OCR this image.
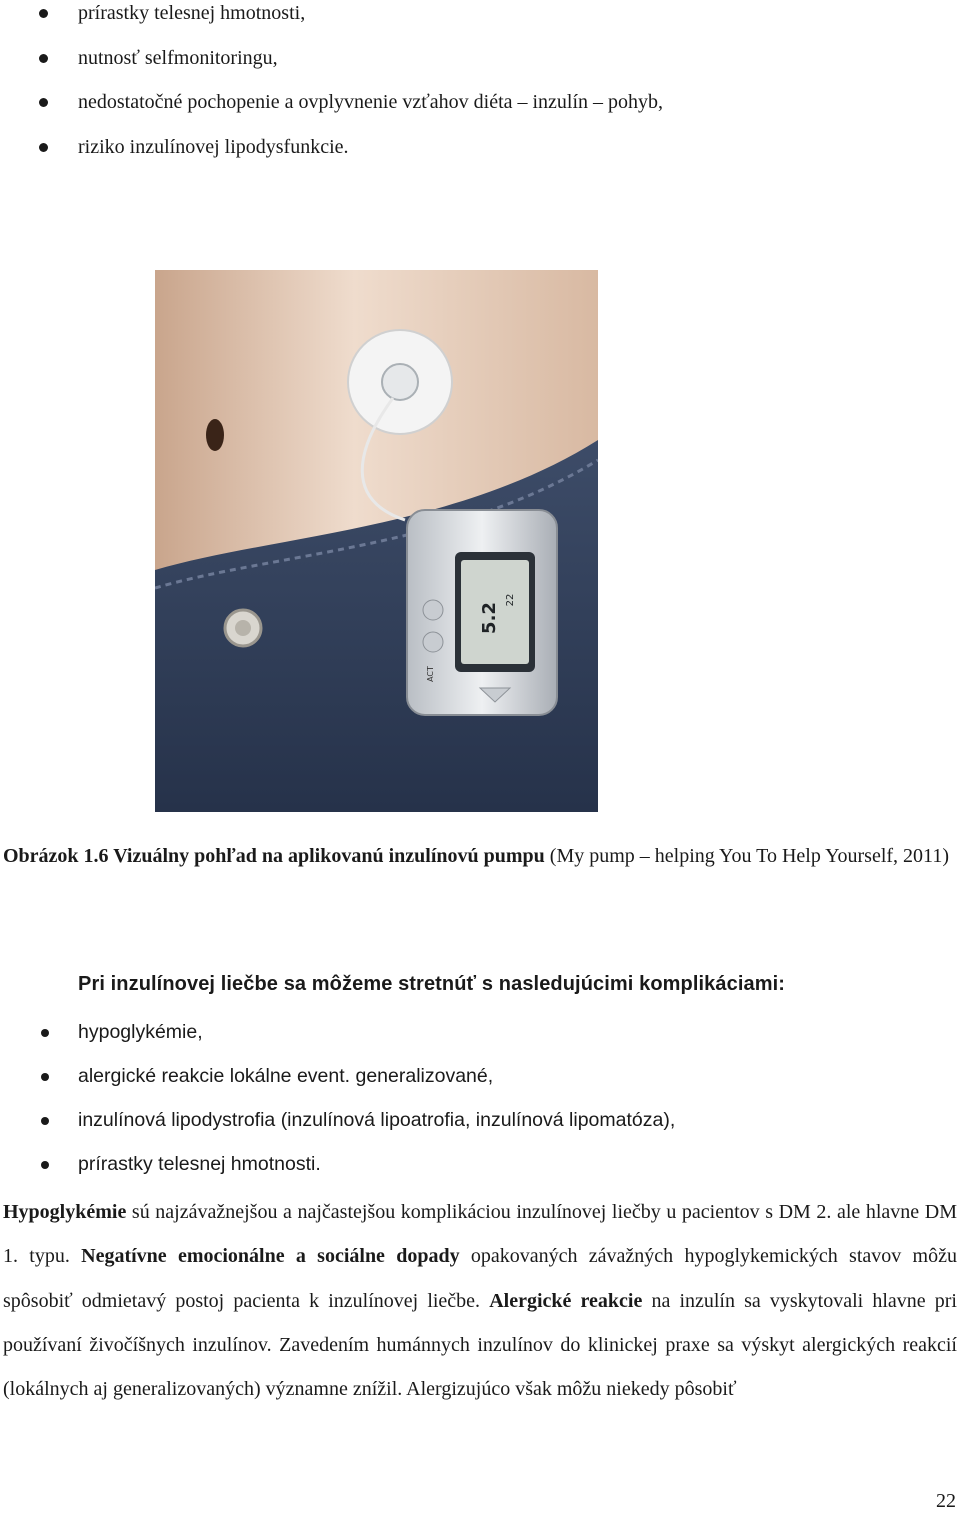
prírastky telesnej hmotnosti,
nutnosť selfmonitoringu,
nedostatočné pochopenie a ovplyvnenie vzťahov diéta – inzulín – pohyb,
riziko inzulínovej lipodysfunkcie.
5.2
22
ACT
Obrázok 1.6 Vizuálny pohľad na aplikovanú inzulínovú pumpu (My pump – helping You To Help Yourself, 2011)
Pri inzulínovej liečbe sa môžeme stretnúť s nasledujúcimi komplikáciami:
hypoglykémie,
alergické reakcie lokálne event. generalizované,
inzulínová lipodystrofia (inzulínová lipoatrofia, inzulínová lipomatóza),
prírastky telesnej hmotnosti.

Hypoglykémie sú najzávažnejšou a najčastejšou komplikáciou inzulínovej liečby u pacientov s DM 2. ale hlavne DM 1. typu. Negatívne emocionálne a sociálne dopady opakovaných závažných hypoglykemických stavov môžu spôsobiť odmietavý postoj pacienta k inzulínovej liečbe. Alergické reakcie na inzulín sa vyskytovali hlavne pri používaní živočíšnych inzulínov. Zavedením humánnych inzulínov do klinickej praxe sa výskyt alergických reakcií (lokálnych aj generalizovaných) významne znížil. Alergizujúco však môžu niekedy pôsobiť

22
